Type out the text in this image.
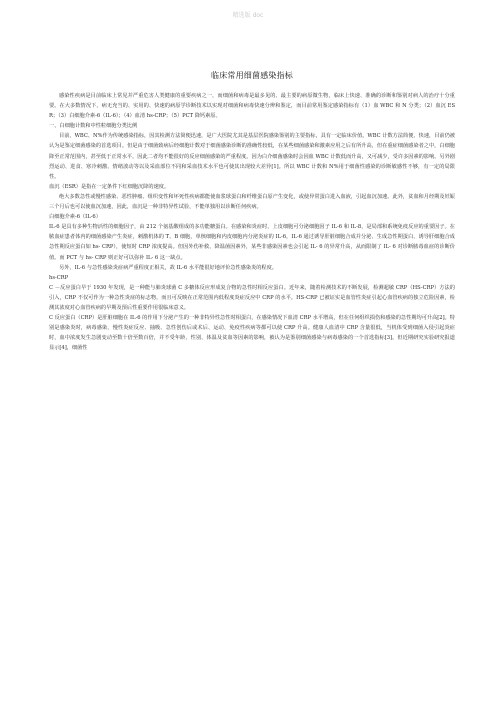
精选版 doc
临床常用细菌感染指标

感染性疾病是目前临床上常见并严重危害人类健康的重要疾病之一，而细菌和病毒是最多见的、最主要的病原微生物，临床上快速、准确的诊断和鉴别对病人的治疗十分重要。在大多数情况下，病无充当的、实用的、快速的病原学诊断技术以实现对细菌和病毒快速分辨和鉴定，而目前常用鉴定感染指标有（1）血 WBC 和 N 分类；（2）血沉 ESR；（3）白细胞介素-6（IL-6）；（4）血清 hs-CRP；（5）PCT 降钙素原。

一、白细胞计数和中性粒细胞分类比例

目前，WBC、N%作为传统感染指标，因其检测方法简便迅速，是广大医院尤其是基层医院感染鉴别的主要指标，具有一定临床价值。WBC 计数方法简便、快速，目前仍被认为是鉴定细菌感染的首选项目。但是由于细菌致病后经细胞计数对于细菌感染诊断的准确性较低，在某些细菌感染和激素应用之后有所升高，但在重症细菌感染者之中，白细胞降至正常范围内，甚至低于正常水平，因此二者均不能很好的反应细菌感染的严重程度。因为白介细菌感染时会因血 WBC 计数低而升高，又可减少，受许多因素的影响。另外剧烈运动、进食、寒冷刺激、情绪波动等以及采血部位不同和采血技术水平也可使其出现较大差异[1]。所以 WBC 计数和 N%用于细菌性感染的诊断敏感性不够，有一定的局限性。

血沉（ESR）是指在一定条件下红细胞沉降的速度。

绝大多数急性或慢性感染、恶性肿瘤、组织变性和坏死性疾病都能使血浆球蛋白和纤维蛋白原产生变化，或使异常蛋白进入血液，引起血沉加速。此外，贫血和月经期及妊娠三个月后也可以使血沉加速，因此，血沉是一种非特异性试验，不能单独用以诊断任何疾病。

白细胞介素-6（IL-6）

IL-6 是具有多种生物活性的细胞因子，由 212 个氨基酸组成的多功能糖蛋白。在感染和炎症时，上皮细胞可分泌细胞因子 IL-6 和 IL-8，是局部和系统免疫反应的重要因子。在脓血症患者体内的细菌感染产生炎症，刺激机体的 T、B 细胞，单核细胞和内皮细胞内分泌炎症的 IL-6，IL-6 通过诱导肝脏细胞合成并分泌、生成急性期蛋白、诱导肝细胞合成急性期反应蛋白如 hs- CRP），使短时 CRP 浓度提高。但因外伤补救、降温菌因素外，某些非感染因素也会引起 IL- 6 的异常升高，从而限制了 IL- 6 对诊断脓毒血症的诊断价值。而 PCT 与 hs- CRP 则正好可以弥补 IL- 6 这一缺点。

另外，IL-6 与急性感染炎症病严重程度正相关，故 IL-6 水平能很好地评价急性感染炎的程度。

hs-CRP

C －反应蛋白早于 1930 年发现，是一种能与肺炎球菌 C 多糖体反应形成复合物的急性时相反应蛋白。近年来，随着检测技术的不断发展，检测超敏 CRP（HS-CRP）方法的引入，CRP 不仅可作为一种急性炎症的标志物，而且可反映在正常范围内低程度炎症反应中 CRP 的水平。HS-CRP 已被证实是血管性炎症引起心血管疾病的独立危险因素，检测其浓度对心血管疾病的早期及预后性重要作用很临床意义。

C 反应蛋白（CRP）是肝脏细胞在 IL-6 的作用下分泌产生的一种非特异性急性时相蛋白，在感染情况下血清 CRP 水平增高，但在任何组织损伤和感染的急性期均可升高[2]。特别是感染炎时，病毒感染，慢性炎症反应、抽吸、急性创伤后或术后、运动、免疫性疾病等都可以使 CRP 升高。健康人血清中 CRP 含量很低，当机体受到细菌入侵引起炎症时，血中浓度发生急剧变动至数十倍至数百倍，并不受年龄、性别、体温及贫血等因素的影响，被认为是鉴别细菌感染与病毒感染的一个首选指标[3]。但近期研究实验研究报道显示[4]，细菌性
